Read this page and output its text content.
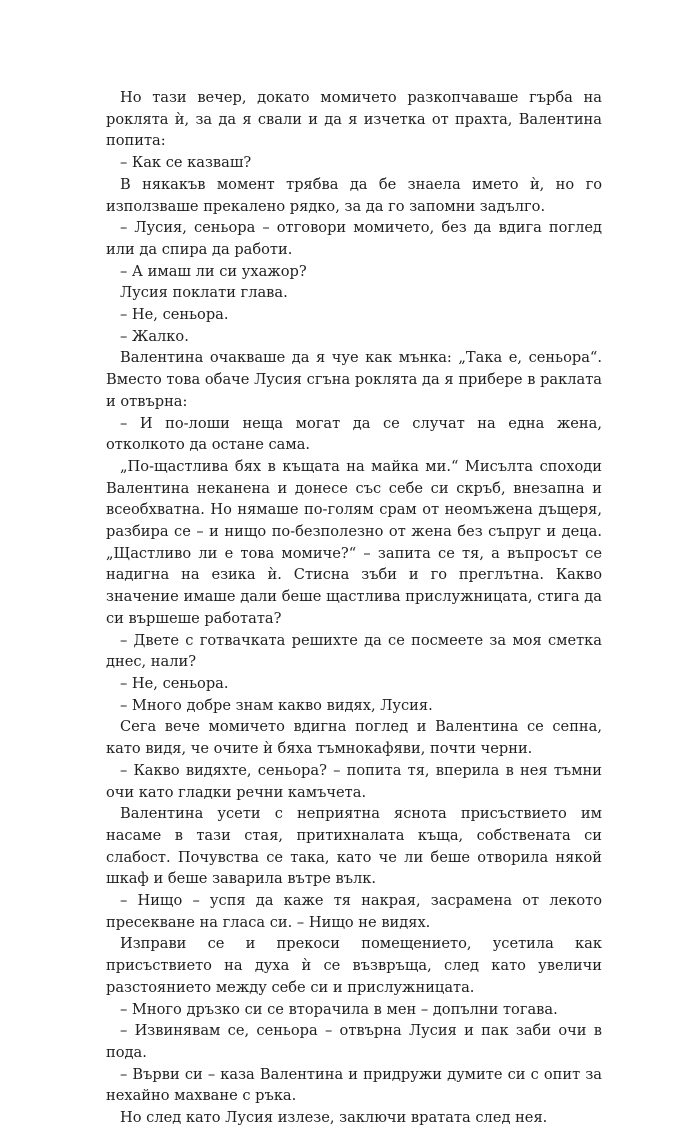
Но тази вечер, докато момичето разкопчаваше гърба на роклята ѝ, за да я свали и да я изчетка от прахта, Валентина попита:

– Как се казваш?

В някакъв момент трябва да бе знаела името ѝ, но го използваше прекалено рядко, за да го запомни задълго.

– Лусия, сеньора – отговори момичето, без да вдига поглед или да спира да работи.

– А имаш ли си ухажор?

Лусия поклати глава.

– Не, сеньора.

– Жалко.

Валентина очакваше да я чуе как мънка: „Така е, сеньора“. Вместо това обаче Лусия сгъна роклята да я прибере в раклата и отвърна:

– И по-лоши неща могат да се случат на една жена, отколкото да остане сама.

„По-щастлива бях в къщата на майка ми.“ Мисълта споходи Валентина неканена и донесе със себе си скръб, внезапна и всеобхватна. Но нямаше по-голям срам от неомъжена дъщеря, разбира се – и нищо по-безполезно от жена без съпруг и деца. „Щастливо ли е това момиче?“ – запита се тя, а въпросът се надигна на езика ѝ. Стисна зъби и го преглътна. Какво значение имаше дали беше щастлива прислужницата, стига да си вършеше работата?

– Двете с готвачката решихте да се посмеете за моя сметка днес, нали?

– Не, сеньора.

– Много добре знам какво видях, Лусия.

Сега вече момичето вдигна поглед и Валентина се сепна, като видя, че очите ѝ бяха тъмнокафяви, почти черни.

– Какво видяхте, сеньора? – попита тя, вперила в нея тъмни очи като гладки речни камъчета.

Валентина усети с неприятна яснота присъствието им насаме в тази стая, притихналата къща, собствената си слабост. Почувства се така, като че ли беше отворила някой шкаф и беше заварила вътре вълк.

– Нищо – успя да каже тя накрая, засрамена от лекото пресекване на гласа си. – Нищо не видях.

Изправи се и прекоси помещението, усетила как присъствието на духа ѝ се възвръща, след като увеличи разстоянието между себе си и прислужницата.

– Много дръзко си се вторачила в мен – допълни тогава.

– Извинявам се, сеньора – отвърна Лусия и пак заби очи в пода.

– Върви си – каза Валентина и придружи думите си с опит за нехайно махване с ръка.

Но след като Лусия излезе, заключи вратата след нея.
